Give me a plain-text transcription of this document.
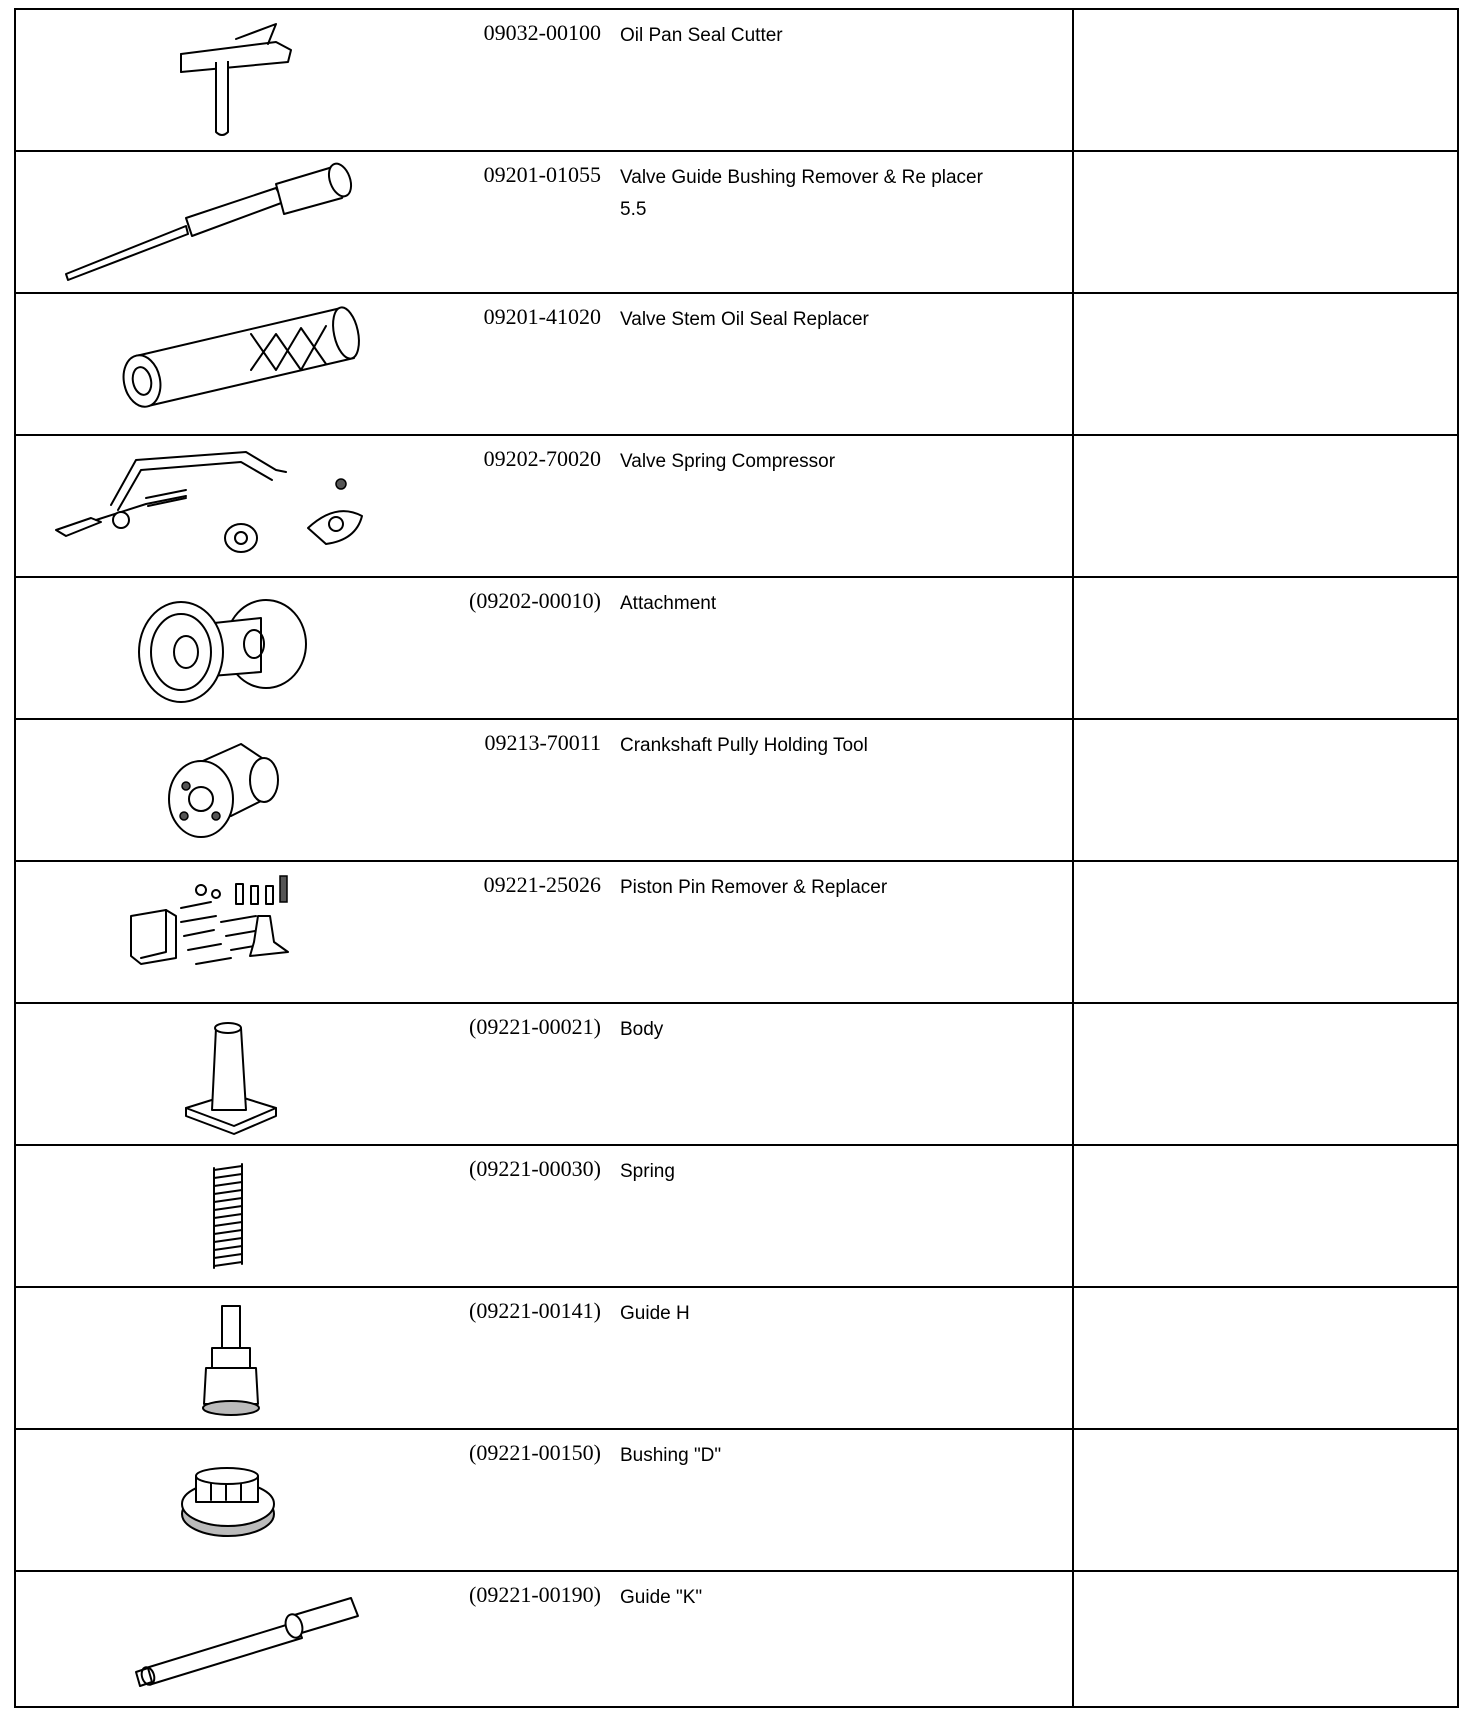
09032-00100 Oil Pan Seal Cutter
09201-01055 Valve Guide Bushing Remover & Re placer 5.5
09201-41020 Valve Stem Oil Seal Replacer
09202-70020 Valve Spring Compressor
(09202-00010) Attachment
09213-70011 Crankshaft Pully Holding Tool
09221-25026 Piston Pin Remover & Replacer
(09221-00021) Body
(09221-00030) Spring
(09221-00141) Guide H
(09221-00150) Bushing "D"
(09221-00190) Guide "K"
